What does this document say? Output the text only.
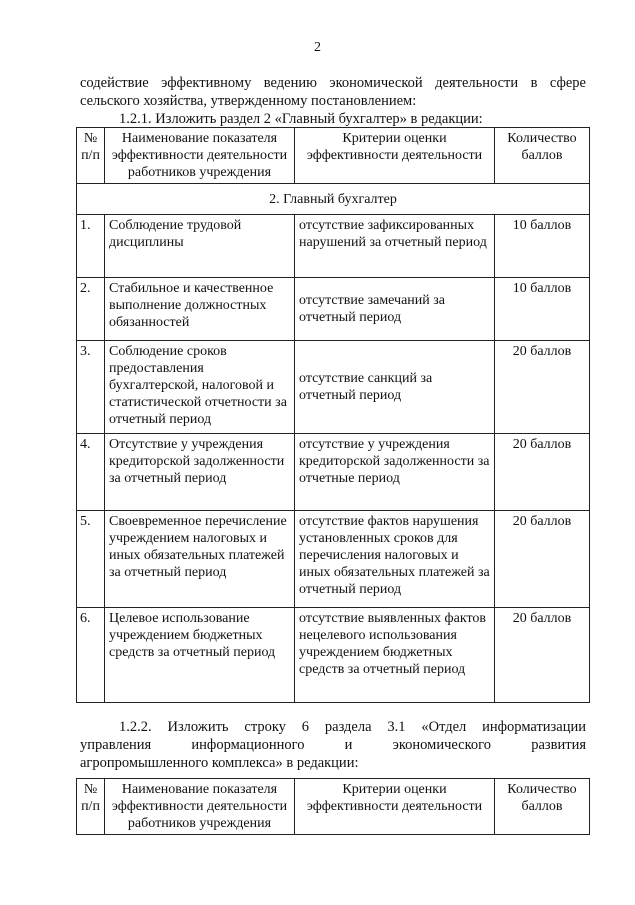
2
содействие эффективному ведению экономической деятельности в сфере
сельского хозяйства, утвержденному постановлением:
1.2.1. Изложить раздел 2 «Главный бухгалтер» в редакции:
№ п/п	Наименование показателя эффективности деятельности работников учреждения	Критерии оценки эффективности деятельности	Количество баллов
2. Главный бухгалтер			
1.	Соблюдение трудовой дисциплины	отсутствие зафиксированных нарушений за отчетный период	10 баллов
2.	Стабильное и качественное выполнение должностных обязанностей	отсутствие замечаний за отчетный период	10 баллов
3.	Соблюдение сроков предоставления бухгалтерской, налоговой и статистической отчетности за отчетный период	отсутствие санкций за отчетный период	20 баллов
4.	Отсутствие у учреждения кредиторской задолженности за отчетный период	отсутствие у учреждения кредиторской задолженности за отчетные период	20 баллов
5.	Своевременное перечисление учреждением налоговых и иных обязательных платежей за отчетный период	отсутствие фактов нарушения установленных сроков для перечисления налоговых и иных обязательных платежей за отчетный период	20 баллов
6.	Целевое использование учреждением бюджетных средств за отчетный период	отсутствие выявленных фактов нецелевого использования учреждением бюджетных средств за отчетный период	20 баллов
1.2.2. Изложить строку 6 раздела 3.1 «Отдел информатизации
управления информационного и экономического развития
агропромышленного комплекса» в редакции:
№ п/п	Наименование показателя эффективности деятельности работников учреждения	Критерии оценки эффективности деятельности	Количество баллов
